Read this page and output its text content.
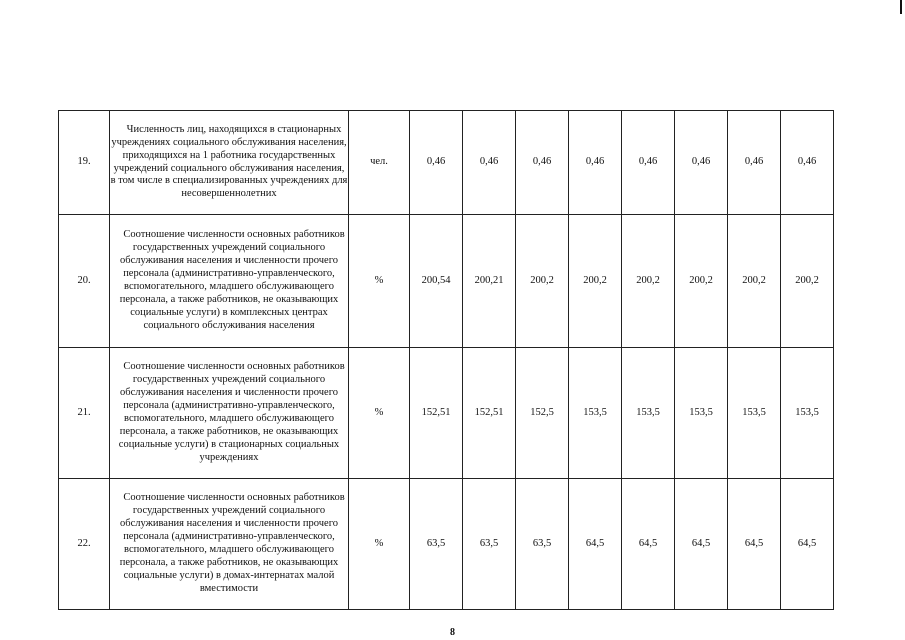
19.	Численность лиц, находящихся в стационарных учреждениях социального обслуживания населения, приходящихся на 1 работника государственных учреждений социального обслуживания населения, в том числе в специализированных учреждениях для несовершеннолетних	чел.	0,46	0,46	0,46	0,46	0,46	0,46	0,46	0,46
20.	Соотношение численности основных работников государственных учреждений социального обслуживания населения и численности прочего персонала (административно-управленческого, вспомогательного, младшего обслуживающего персонала, а также работников, не оказывающих социальные услуги) в комплексных центрах социального обслуживания населения	%	200,54	200,21	200,2	200,2	200,2	200,2	200,2	200,2
21.	Соотношение численности основных работников государственных учреждений социального обслуживания населения и численности прочего персонала (административно-управленческого, вспомогательного, младшего обслуживающего персонала, а также работников, не оказывающих социальные услуги) в стационарных социальных учреждениях	%	152,51	152,51	152,5	153,5	153,5	153,5	153,5	153,5
22.	Соотношение численности основных работников государственных учреждений социального обслуживания населения и численности прочего персонала (административно-управленческого, вспомогательного, младшего обслуживающего персонала, а также работников, не оказывающих социальные услуги) в домах-интернатах малой вместимости	%	63,5	63,5	63,5	64,5	64,5	64,5	64,5	64,5
8
